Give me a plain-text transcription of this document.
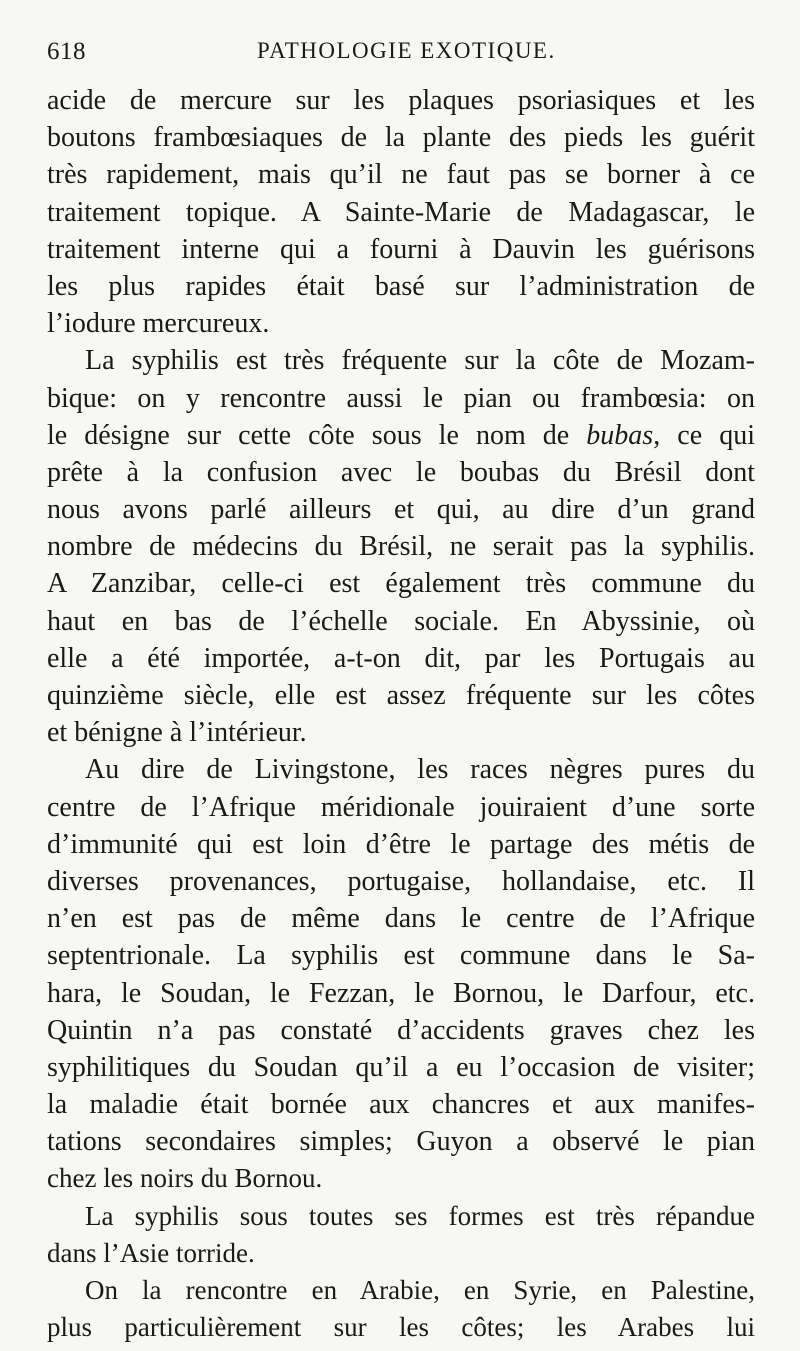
618	PATHOLOGIE EXOTIQUE.
acide de mercure sur les plaques psoriasiques et les
boutons frambœsiaques de la plante des pieds les guérit
très rapidement, mais qu’il ne faut pas se borner à ce
traitement topique. A Sainte-Marie de Madagascar, le
traitement interne qui a fourni à Dauvin les guérisons
les plus rapides était basé sur l’administration de
l’iodure mercureux.
La syphilis est très fréquente sur la côte de Mozam-
bique: on y rencontre aussi le pian ou frambœsia: on
le désigne sur cette côte sous le nom de bubas, ce qui
prête à la confusion avec le boubas du Brésil dont
nous avons parlé ailleurs et qui, au dire d’un grand
nombre de médecins du Brésil, ne serait pas la syphilis.
A Zanzibar, celle-ci est également très commune du
haut en bas de l’échelle sociale. En Abyssinie, où
elle a été importée, a-t-on dit, par les Portugais au
quinzième siècle, elle est assez fréquente sur les côtes
et bénigne à l’intérieur.
Au dire de Livingstone, les races nègres pures du
centre de l’Afrique méridionale jouiraient d’une sorte
d’immunité qui est loin d’être le partage des métis de
diverses provenances, portugaise, hollandaise, etc. Il
n’en est pas de même dans le centre de l’Afrique
septentrionale. La syphilis est commune dans le Sa-
hara, le Soudan, le Fezzan, le Bornou, le Darfour, etc.
Quintin n’a pas constaté d’accidents graves chez les
syphilitiques du Soudan qu’il a eu l’occasion de visiter;
la maladie était bornée aux chancres et aux manifes-
tations secondaires simples; Guyon a observé le pian
chez les noirs du Bornou.
La syphilis sous toutes ses formes est très répandue
dans l’Asie torride.
On la rencontre en Arabie, en Syrie, en Palestine,
plus particulièrement sur les côtes; les Arabes lui
